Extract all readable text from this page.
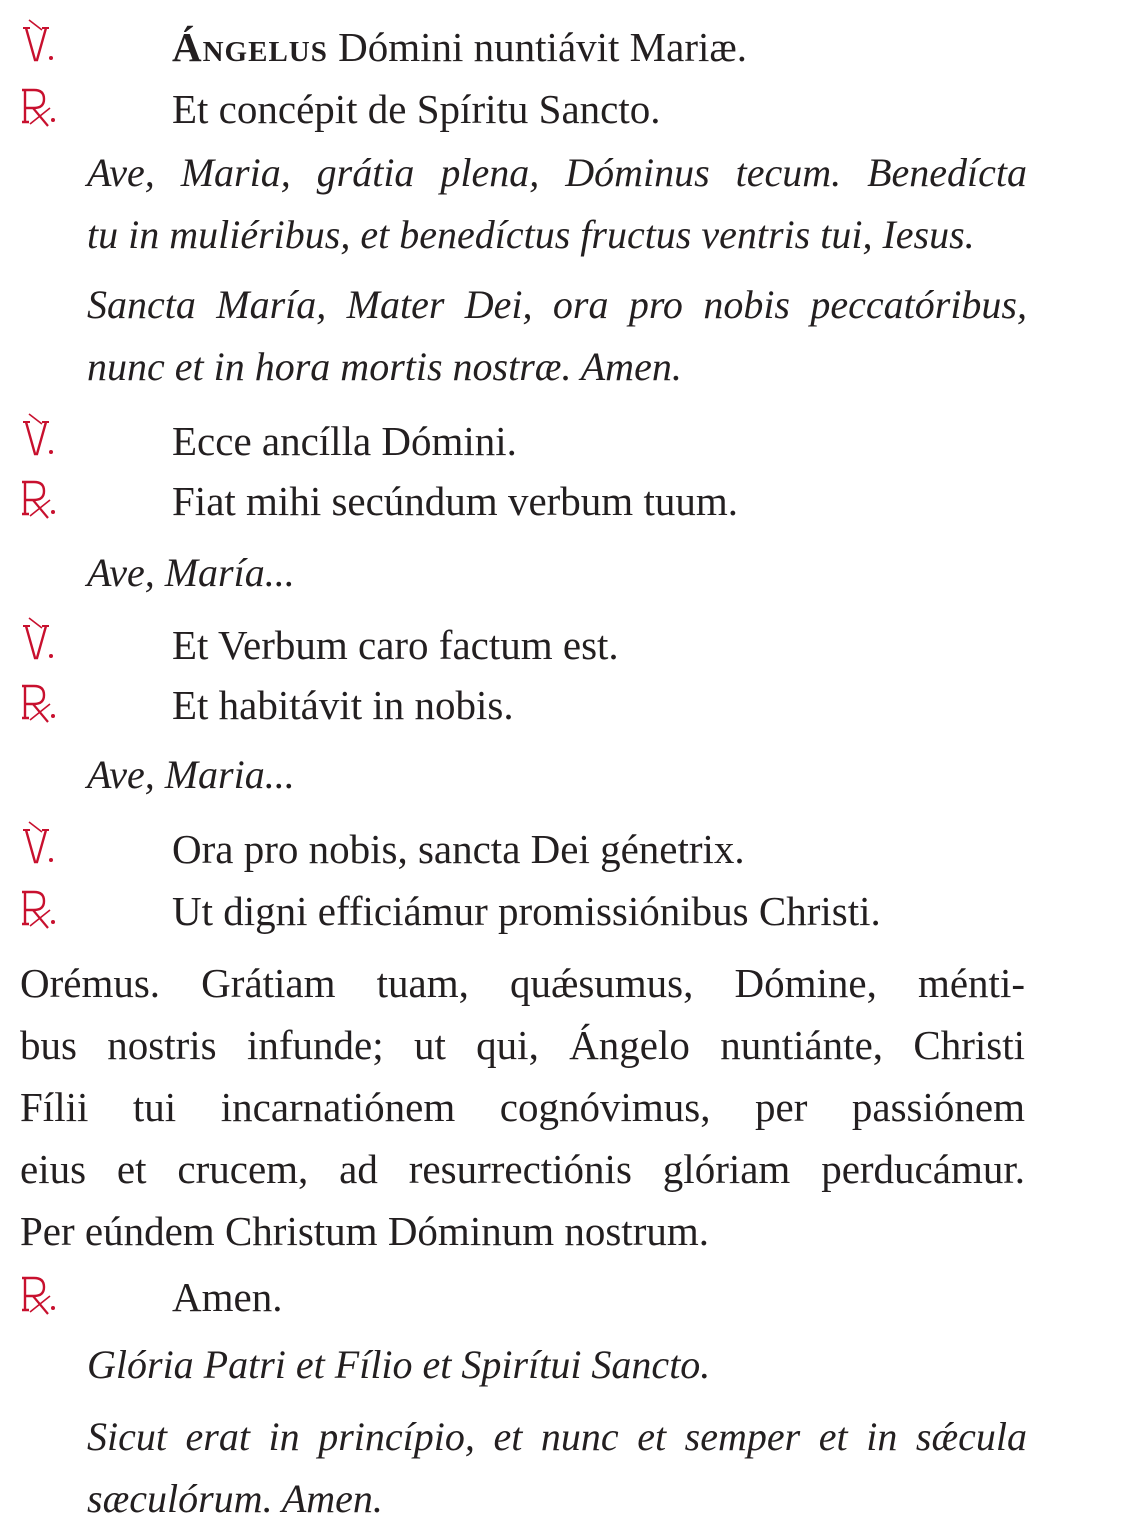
Ángelus Dómini nuntiávit Mariæ.
Et concépit de Spíritu Sancto.
Ave, Maria, grátia plena, Dóminus tecum. Benedícta
tu in muliéribus, et benedíctus fructus ventris tui, Iesus.
Sancta María, Mater Dei, ora pro nobis peccatóribus,
nunc et in hora mortis nostræ. Amen.
Ecce ancílla Dómini.
Fiat mihi secúndum verbum tuum.
Ave, María...
Et Verbum caro factum est.
Et habitávit in nobis.
Ave, Maria...
Ora pro nobis, sancta Dei génetrix.
Ut digni efficiámur promissiónibus Christi.
Orémus. Grátiam tuam, quǽsumus, Dómine, ménti-
bus nostris infunde; ut qui, Ángelo nuntiánte, Christi
Fílii tui incarnatiónem cognóvimus, per passiónem
eius et crucem, ad resurrectiónis glóriam perducámur.
Per eúndem Christum Dóminum nostrum.
Amen.
Glória Patri et Fílio et Spirítui Sancto.
Sicut erat in princípio, et nunc et semper et in sǽcula
sæculórum. Amen.
